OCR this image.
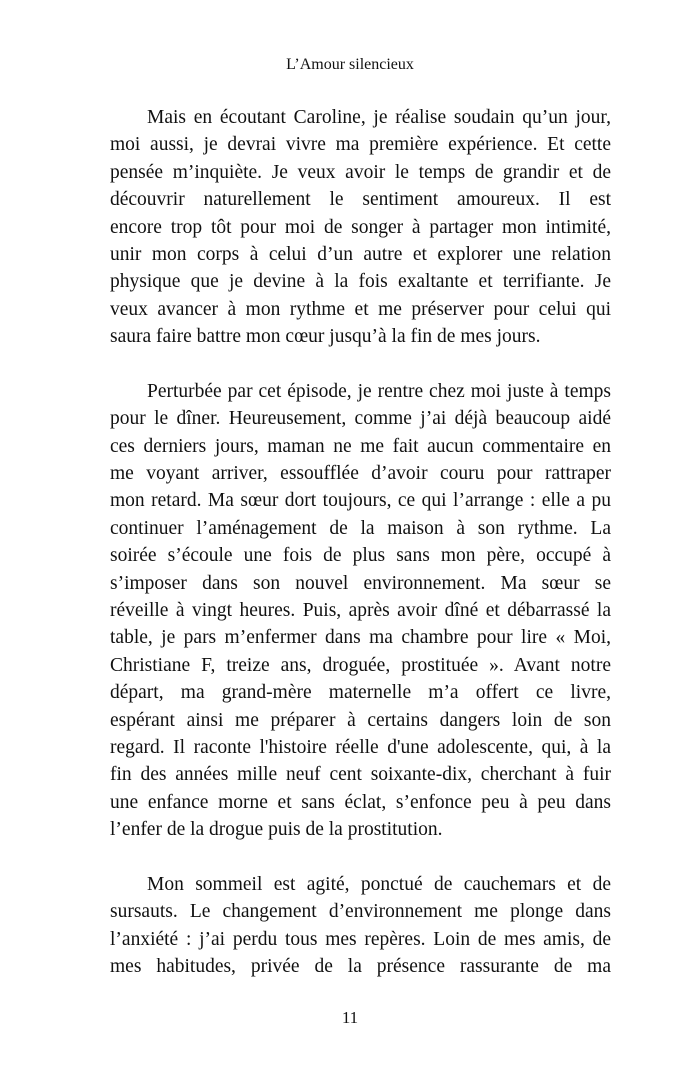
L’Amour silencieux
Mais en écoutant Caroline, je réalise soudain qu’un jour,
moi aussi, je devrai vivre ma première expérience. Et cette
pensée m’inquiète. Je veux avoir le temps de grandir et de
découvrir naturellement le sentiment amoureux. Il est
encore trop tôt pour moi de songer à partager mon intimité,
unir mon corps à celui d’un autre et explorer une relation
physique que je devine à la fois exaltante et terrifiante. Je
veux avancer à mon rythme et me préserver pour celui qui
saura faire battre mon cœur jusqu’à la fin de mes jours.
Perturbée par cet épisode, je rentre chez moi juste à temps
pour le dîner. Heureusement, comme j’ai déjà beaucoup aidé
ces derniers jours, maman ne me fait aucun commentaire en
me voyant arriver, essoufflée d’avoir couru pour rattraper
mon retard. Ma sœur dort toujours, ce qui l’arrange : elle a pu
continuer l’aménagement de la maison à son rythme. La
soirée s’écoule une fois de plus sans mon père, occupé à
s’imposer dans son nouvel environnement. Ma sœur se
réveille à vingt heures. Puis, après avoir dîné et débarrassé la
table, je pars m’enfermer dans ma chambre pour lire « Moi,
Christiane F, treize ans, droguée, prostituée ». Avant notre
départ, ma grand-mère maternelle m’a offert ce livre,
espérant ainsi me préparer à certains dangers loin de son
regard. Il raconte l'histoire réelle d'une adolescente, qui, à la
fin des années mille neuf cent soixante-dix, cherchant à fuir
une enfance morne et sans éclat, s’enfonce peu à peu dans
l’enfer de la drogue puis de la prostitution.
Mon sommeil est agité, ponctué de cauchemars et de
sursauts. Le changement d’environnement me plonge dans
l’anxiété : j’ai perdu tous mes repères. Loin de mes amis, de
mes habitudes, privée de la présence rassurante de ma
11
